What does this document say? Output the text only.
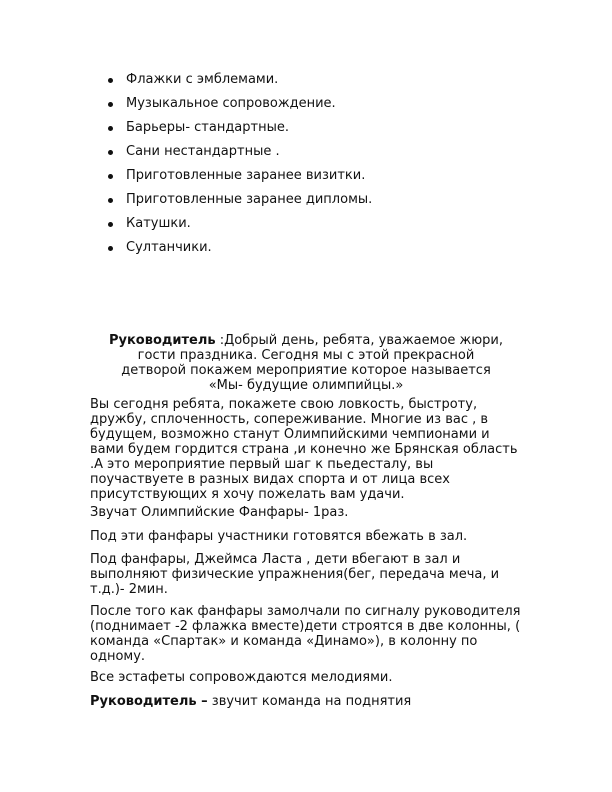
Флажки с эмблемами.
Музыкальное сопровождение.
Барьеры- стандартные.
Сани нестандартные .
Приготовленные заранее визитки.
Приготовленные заранее дипломы.
Катушки.
Султанчики.

Руководитель :Добрый день, ребята, уважаемое жюри,
гости праздника. Сегодня мы с этой прекрасной
детворой покажем мероприятие которое называется
«Мы- будущие олимпийцы.»

Вы сегодня ребята, покажете свою ловкость, быстроту, дружбу, сплоченность, сопереживание. Многие из вас , в будущем, возможно станут Олимпийскими чемпионами и вами будем гордится страна ,и конечно же Брянская область .А это мероприятие первый шаг к пьедесталу, вы поучаствуете в разных видах спорта и от лица всех присутствующих я хочу пожелать вам удачи.

Звучат Олимпийские Фанфары- 1раз.

Под эти фанфары участники готовятся вбежать в зал.

Под фанфары, Джеймса Ласта , дети вбегают в зал и выполняют физические упражнения(бег, передача меча, и т.д.)- 2мин.

После того как фанфары замолчали по сигналу руководителя (поднимает -2 флажка вместе)дети строятся в две колонны, ( команда «Спартак» и команда «Динамо»), в колонну по одному.

Все эстафеты сопровождаются мелодиями.

Руководитель – звучит команда на поднятия
